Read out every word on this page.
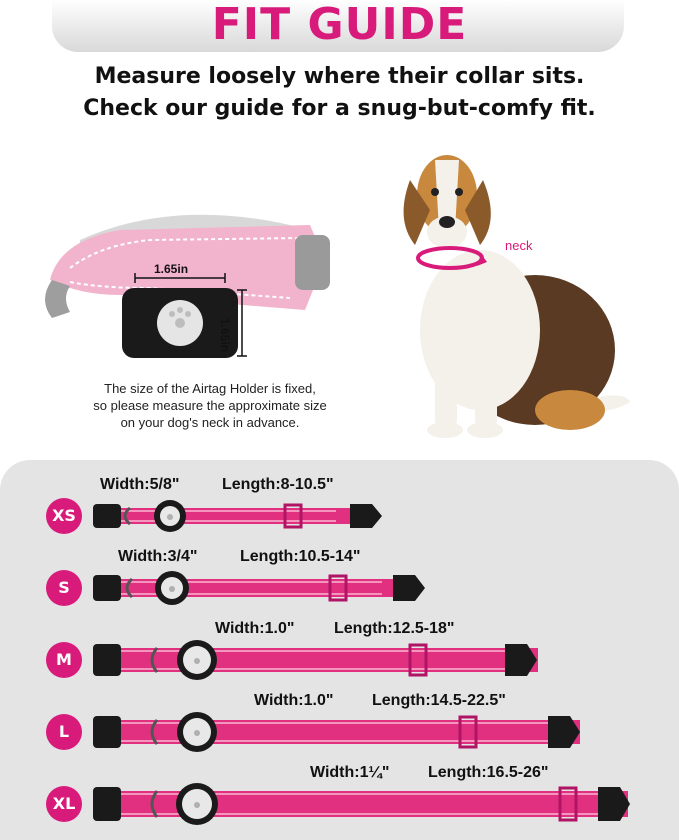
FIT GUIDE
Measure loosely where their collar sits.
Check our guide for a snug-but-comfy fit.
1.65in
1.65in
The size of the Airtag Holder is fixed,
so please measure the approximate size
on your dog's neck in advance.
neck
XS
Width:5/8"	Length:8-10.5"
S
Width:3/4"	Length:10.5-14"
M
Width:1.0" Length:12.5-18"
L
Width:1.0" Length:14.5-22.5"
XL
Width:1¼" Length:16.5-26"
